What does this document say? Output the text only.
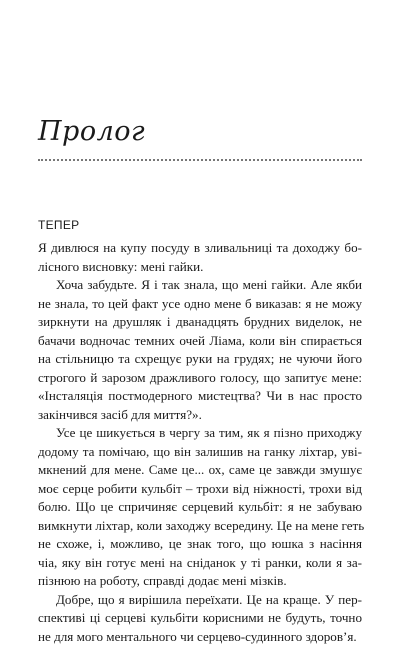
Пролог
ТЕПЕР
Я дивлюся на купу посуду в зливальниці та доходжу бо-
лісного висновку: мені гайки.
Хоча забудьте. Я і так знала, що мені гайки. Але якби
не знала, то цей факт усе одно мене б виказав: я не можу
зиркнути на друшляк і дванадцять брудних виделок, не
бачачи водночас темних очей Ліама, коли він спирається
на стільницю та схрещує руки на грудях; не чуючи його
строгого й зарозом дражливого голосу, що запитує мене:
«Інсталяція постмодерного мистецтва? Чи в нас просто
закінчився засіб для миття?».
Усе це шикується в чергу за тим, як я пізно приходжу
додому та помічаю, що він залишив на ганку ліхтар, уві-
мкнений для мене. Саме це... ох, саме це завжди змушує
моє серце робити кульбіт – трохи від ніжності, трохи від
болю. Що це спричиняє серцевий кульбіт: я не забуваю
вимкнути ліхтар, коли заходжу всередину. Це на мене геть
не схоже, і, можливо, це знак того, що юшка з насіння
чіа, яку він готує мені на сніданок у ті ранки, коли я за-
пізнюю на роботу, справді додає мені мізків.
Добре, що я вирішила переїхати. Це на краще. У пер-
спективі ці серцеві кульбіти корисними не будуть, точно
не для мого ментального чи серцево-судинного здоров’я.
